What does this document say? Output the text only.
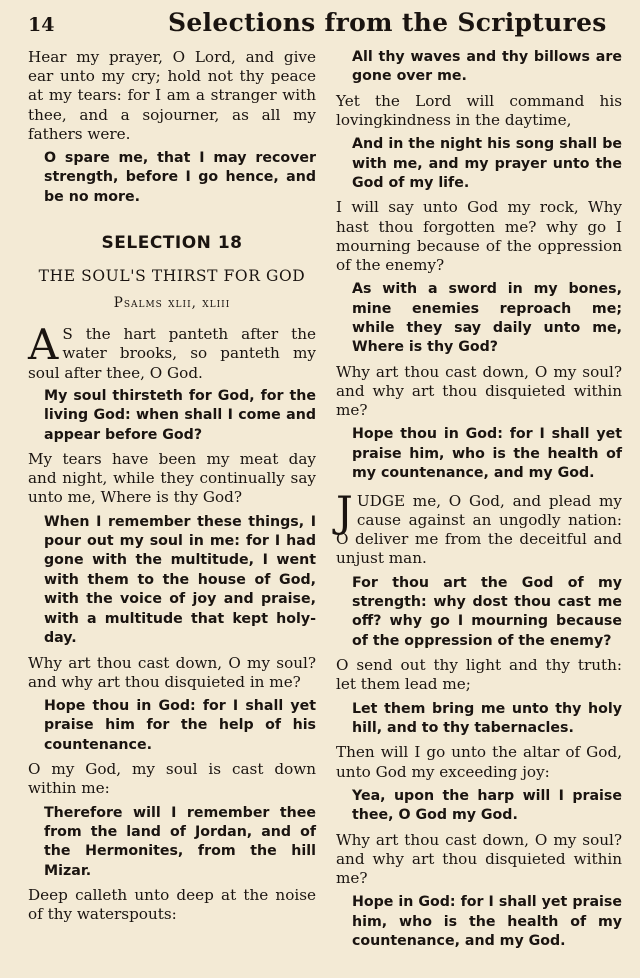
14	Selections from the Scriptures

Hear my prayer, O Lord, and give ear unto my cry; hold not thy peace at my tears: for I am a stranger with thee, and a sojourner, as all my fathers were.

O spare me, that I may recover strength, before I go hence, and be no more.

SELECTION 18
THE SOUL'S THIRST FOR GOD
Psalms xlii, xliii

A S the hart panteth after the water brooks, so panteth my soul after thee, O God.

My soul thirsteth for God, for the living God: when shall I come and appear before God?

My tears have been my meat day and night, while they continually say unto me, Where is thy God?

When I remember these things, I pour out my soul in me: for I had gone with the multitude, I went with them to the house of God, with the voice of joy and praise, with a multitude that kept holy-day.

Why art thou cast down, O my soul? and why art thou disquieted in me?

Hope thou in God: for I shall yet praise him for the help of his countenance.

O my God, my soul is cast down within me:

Therefore will I remember thee from the land of Jordan, and of the Hermonites, from the hill Mizar.

Deep calleth unto deep at the noise of thy waterspouts:

All thy waves and thy billows are gone over me.

Yet the Lord will command his lovingkindness in the daytime,

And in the night his song shall be with me, and my prayer unto the God of my life.

I will say unto God my rock, Why hast thou forgotten me? why go I mourning because of the oppression of the enemy?

As with a sword in my bones, mine enemies reproach me; while they say daily unto me, Where is thy God?

Why art thou cast down, O my soul? and why art thou disquieted within me?

Hope thou in God: for I shall yet praise him, who is the health of my countenance, and my God.

JUDGE me, O God, and plead my cause against an ungodly nation: O deliver me from the deceitful and unjust man.

For thou art the God of my strength: why dost thou cast me off? why go I mourning because of the oppression of the enemy?

O send out thy light and thy truth: let them lead me;

Let them bring me unto thy holy hill, and to thy tabernacles.

Then will I go unto the altar of God, unto God my exceeding joy:

Yea, upon the harp will I praise thee, O God my God.

Why art thou cast down, O my soul? and why art thou disquieted within me?

Hope in God: for I shall yet praise him, who is the health of my countenance, and my God.
